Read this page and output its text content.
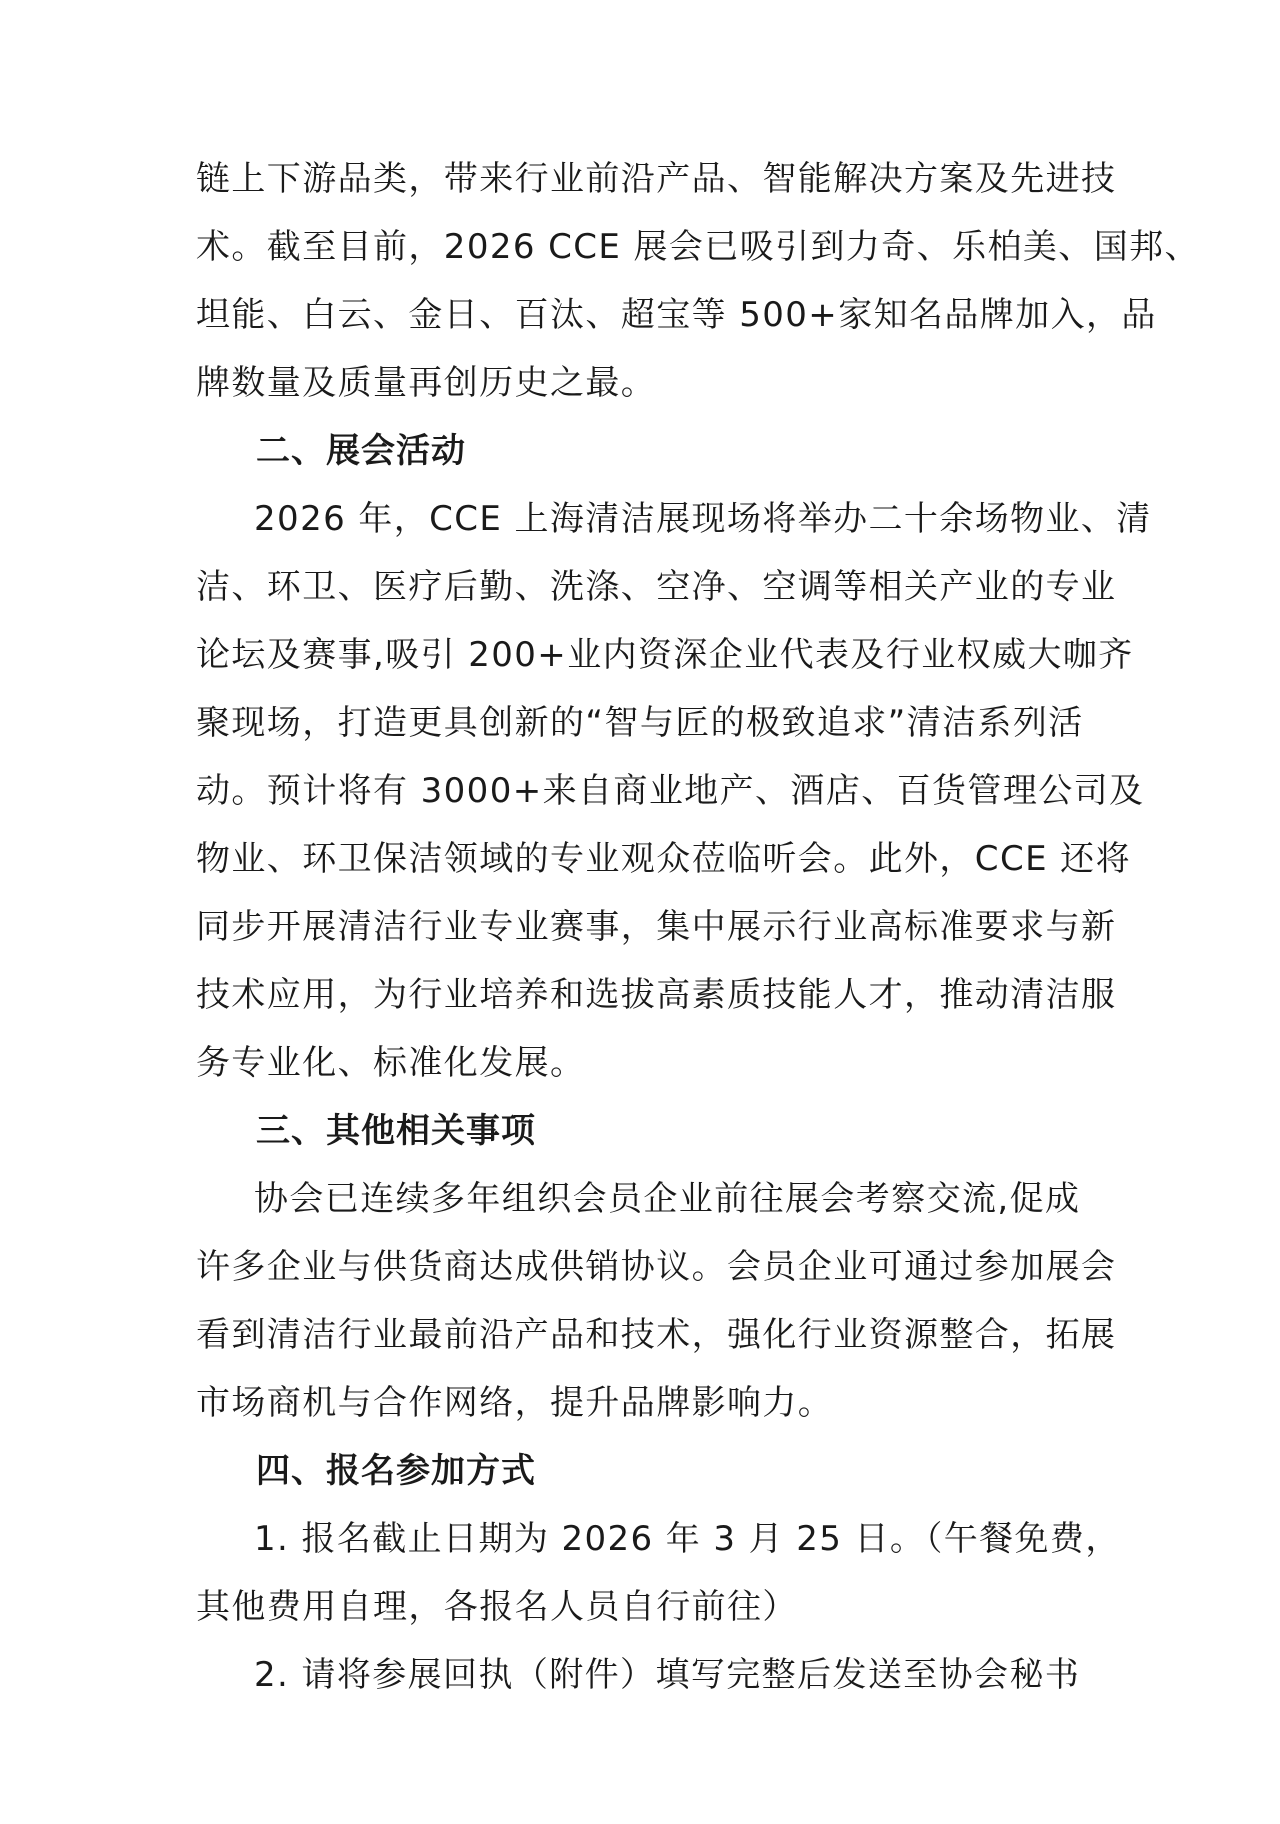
链上下游品类，带来行业前沿产品、智能解决方案及先进技
术。截至目前，2026 CCE 展会已吸引到力奇、乐柏美、国邦、
坦能、白云、金日、百汰、超宝等 500+家知名品牌加入，品
牌数量及质量再创历史之最。
二、展会活动
2026 年，CCE 上海清洁展现场将举办二十余场物业、清
洁、环卫、医疗后勤、洗涤、空净、空调等相关产业的专业
论坛及赛事,吸引 200+业内资深企业代表及行业权威大咖齐
聚现场，打造更具创新的“智与匠的极致追求”清洁系列活
动。预计将有 3000+来自商业地产、酒店、百货管理公司及
物业、环卫保洁领域的专业观众莅临听会。此外，CCE 还将
同步开展清洁行业专业赛事，集中展示行业高标准要求与新
技术应用，为行业培养和选拔高素质技能人才，推动清洁服
务专业化、标准化发展。
三、其他相关事项
协会已连续多年组织会员企业前往展会考察交流,促成
许多企业与供货商达成供销协议。会员企业可通过参加展会
看到清洁行业最前沿产品和技术，强化行业资源整合，拓展
市场商机与合作网络，提升品牌影响力。
四、报名参加方式
1. 报名截止日期为 2026 年 3 月 25 日。（午餐免费，
其他费用自理，各报名人员自行前往）
2. 请将参展回执（附件）填写完整后发送至协会秘书
